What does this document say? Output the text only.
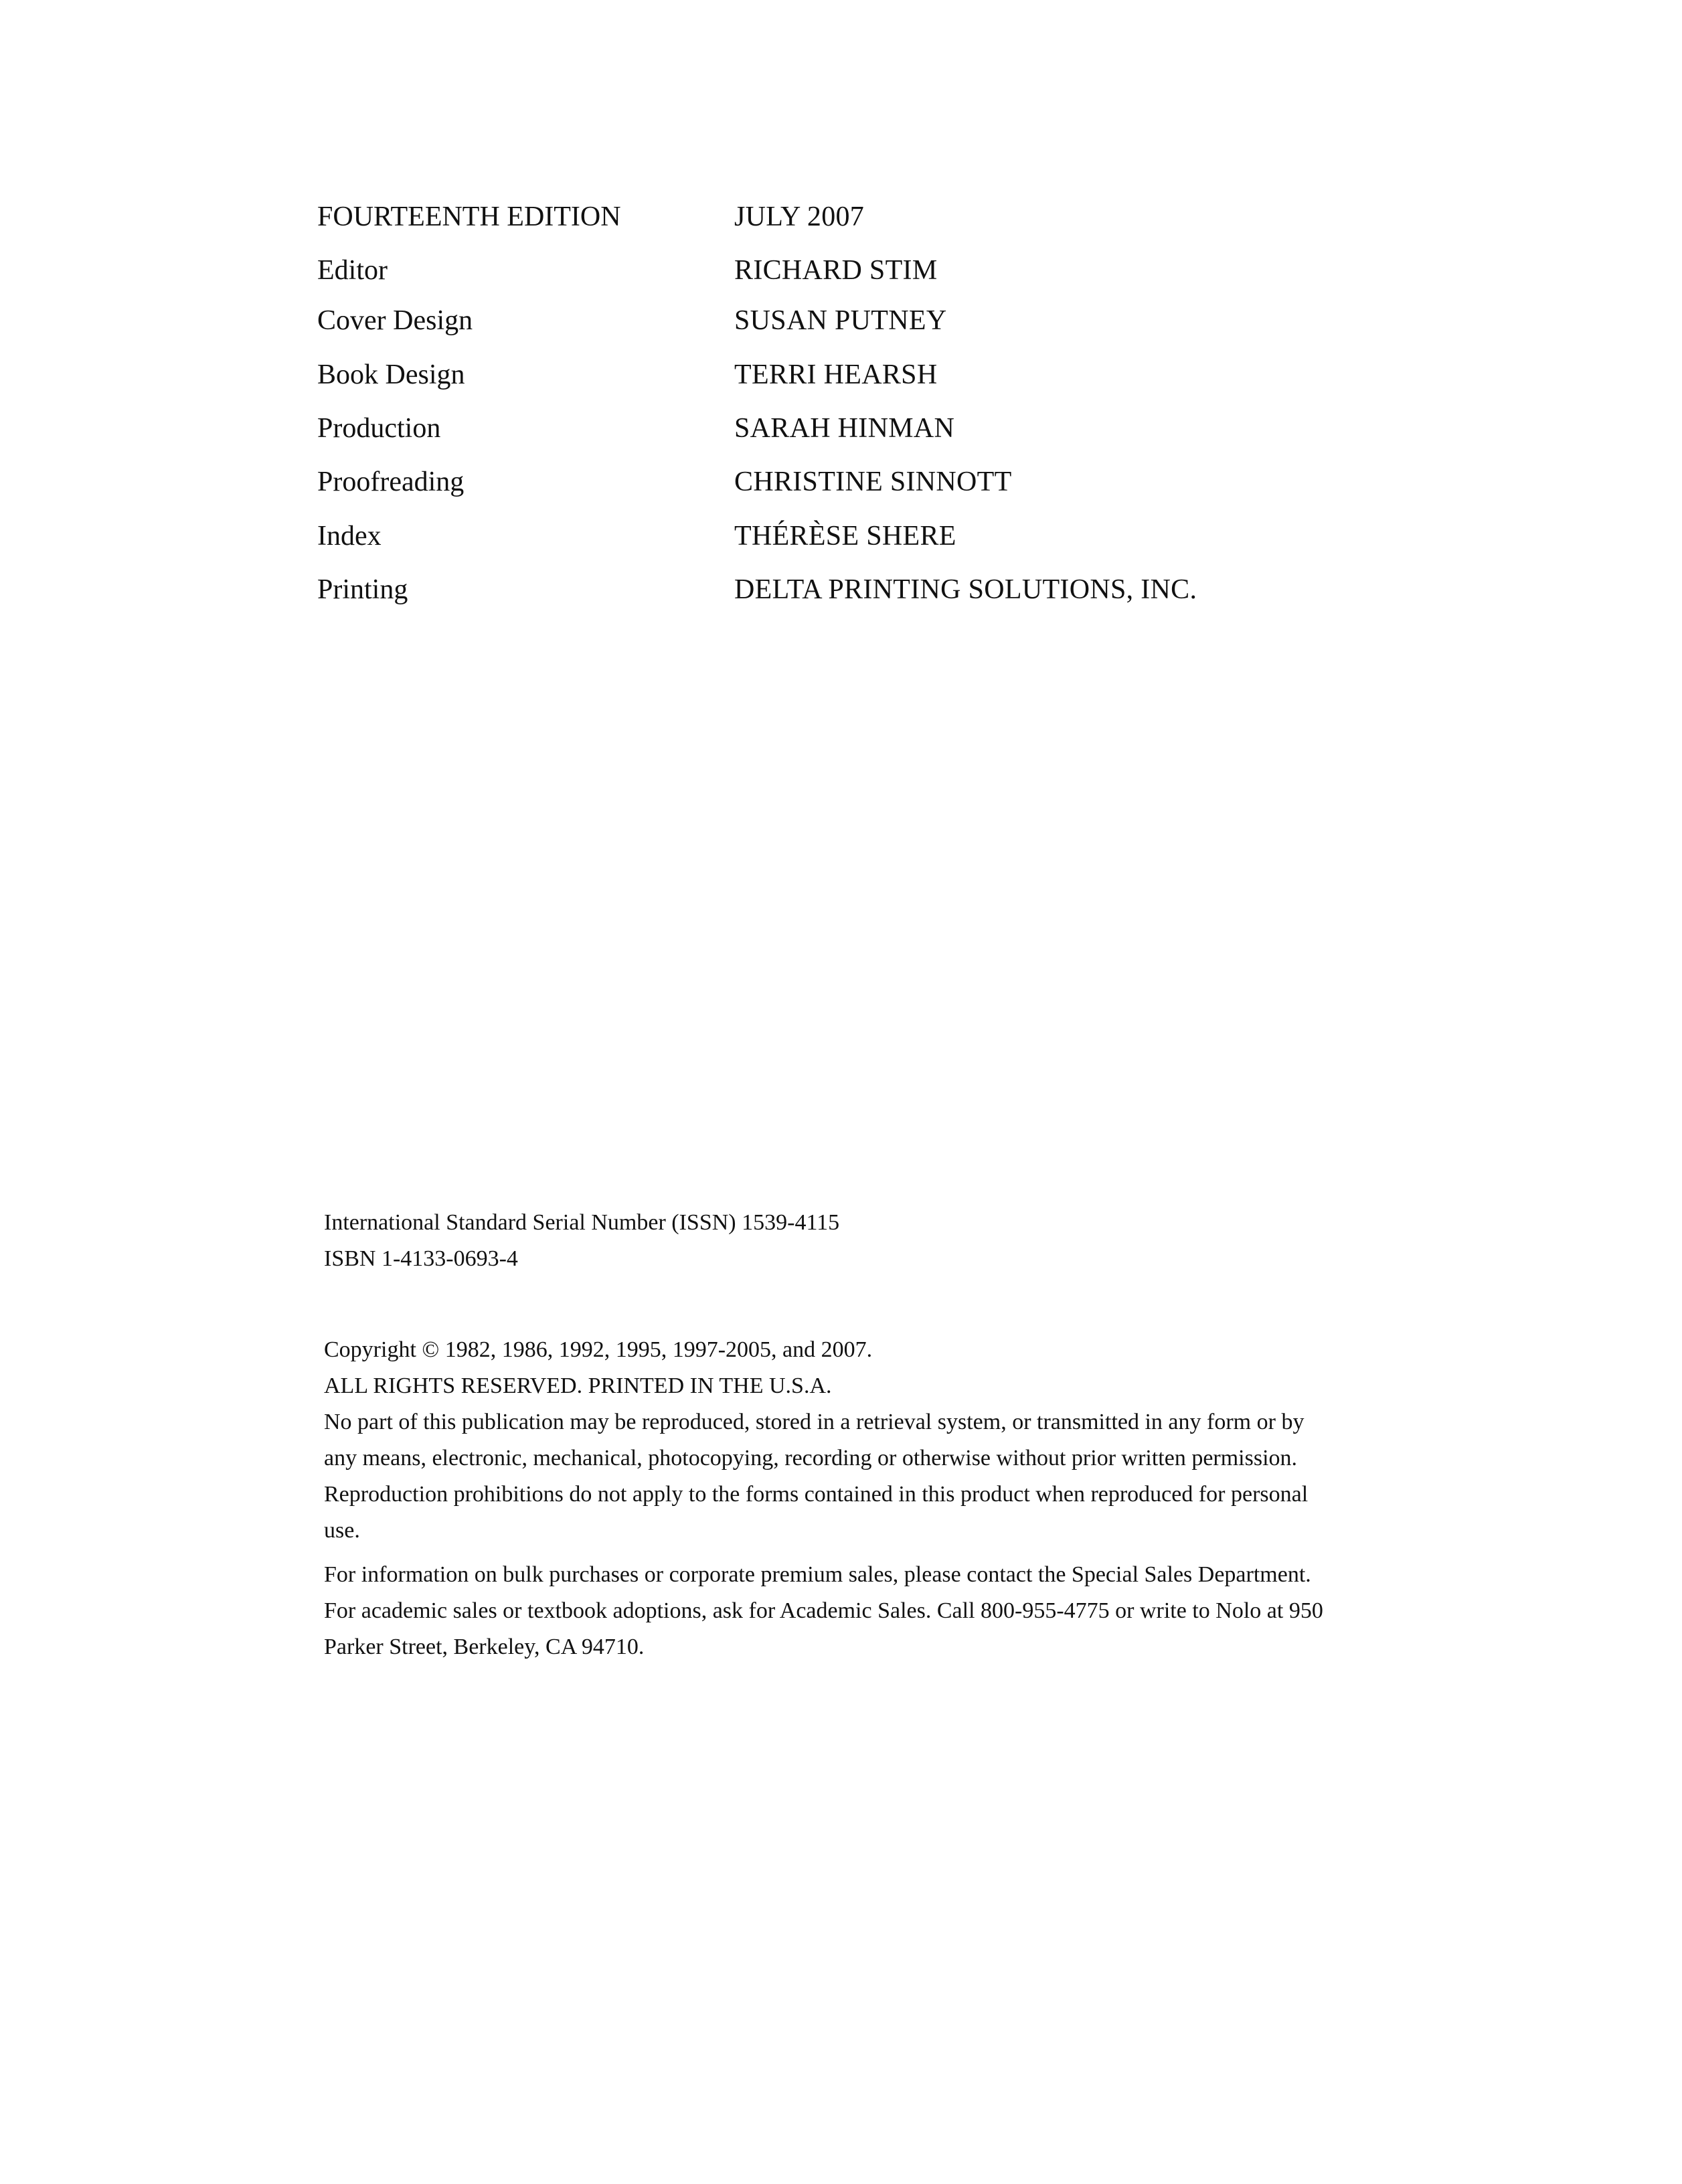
FOURTEENTH EDITION	JULY 2007
Editor	RICHARD STIM
Cover Design	SUSAN PUTNEY
Book Design	TERRI HEARSH
Production	SARAH HINMAN
Proofreading	CHRISTINE SINNOTT
Index	THÉRÈSE SHERE
Printing	DELTA PRINTING SOLUTIONS, INC.
International Standard Serial Number (ISSN) 1539-4115
ISBN 1-4133-0693-4

Copyright © 1982, 1986, 1992, 1995, 1997-2005, and 2007.

ALL RIGHTS RESERVED. PRINTED IN THE U.S.A.

No part of this publication may be reproduced, stored in a retrieval system, or transmitted in any form or by any means, electronic, mechanical, photocopying, recording or otherwise without prior written permission. Reproduction prohibitions do not apply to the forms contained in this product when reproduced for personal use.

For information on bulk purchases or corporate premium sales, please contact the Special Sales Department. For academic sales or textbook adoptions, ask for Academic Sales. Call 800-955-4775 or write to Nolo at 950 Parker Street, Berkeley, CA 94710.
